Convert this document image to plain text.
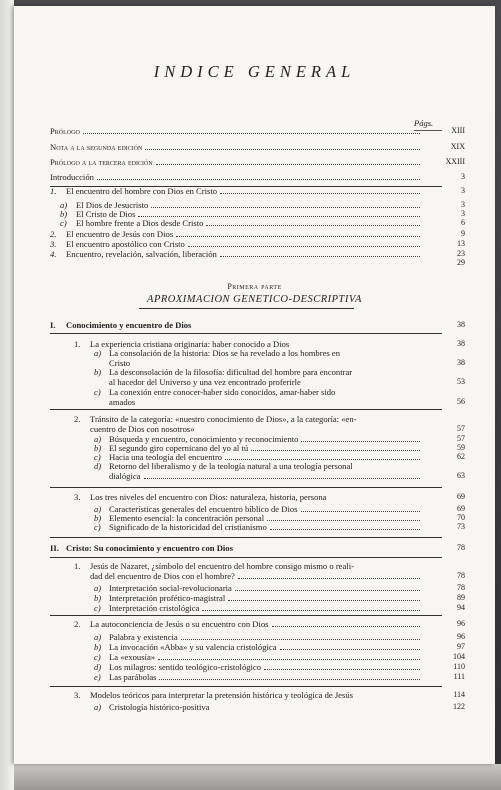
INDICE GENERAL
Págs.
Prólogo	XIII
Nota a la segunda edición	XIX
Prólogo a la tercera edición	XXIII
Introducción	3
1. El encuentro del hombre con Dios en Cristo	3
a) El Dios de Jesucristo	3
b) El Cristo de Dios	3
c) El hombre frente a Dios desde Cristo	6
2. El encuentro de Jesús con Dios	9
3. El encuentro apostólico con Cristo	13
4. Encuentro, revelación, salvación, liberación	23
29
Primera parte
APROXIMACION GENETICO-DESCRIPTIVA
I. Conocimiento y encuentro de Dios	38
1. La experiencia cristiana originaria: haber conocido a Dios	38
a) La consolación de la historia: Dios se ha revelado a los hombres en
Cristo	38
b) La desconsolación de la filosofía: dificultad del hombre para encontrar
al hacedor del Universo y una vez encontrado proferirle	53
c) La conexión entre conocer-haber sido conocidos, amar-haber sido
amados	56
2. Tránsito de la categoría: «nuestro conocimiento de Dios», a la categoría: «en-
cuentro de Dios con nosotros»	57
a) Búsqueda y encuentro, conocimiento y reconocimiento	57
b) El segundo giro copernicano del yo al tú	59
c) Hacia una teología del encuentro	62
d) Retorno del liberalismo y de la teología natural a una teología personal
dialógica	63
3. Los tres niveles del encuentro con Dios: naturaleza, historia, persona	69
a) Características generales del encuentro bíblico de Dios	69
b) Elemento esencial: la concentración personal	70
c) Significado de la historicidad del cristianismo	73
II. Cristo: Su conocimiento y encuentro con Dios	78
1. Jesús de Nazaret, ¿símbolo del encuentro del hombre consigo mismo o reali-
dad del encuentro de Dios con el hombre?	78
a) Interpretación social-revolucionaria	78
b) Interpretación profético-magistral	89
c) Interpretación cristológica	94
2. La autoconciencia de Jesús o su encuentro con Dios	96
a) Palabra y existencia	96
b) La invocación «Abba» y su valencia cristológica	97
c) La «exousía»	104
d) Los milagros: sentido teológico-cristológico	110
e) Las parábolas	111
3. Modelos teóricos para interpretar la pretensión histórica y teológica de Jesús	114
a) Cristología histórico-positiva	122
